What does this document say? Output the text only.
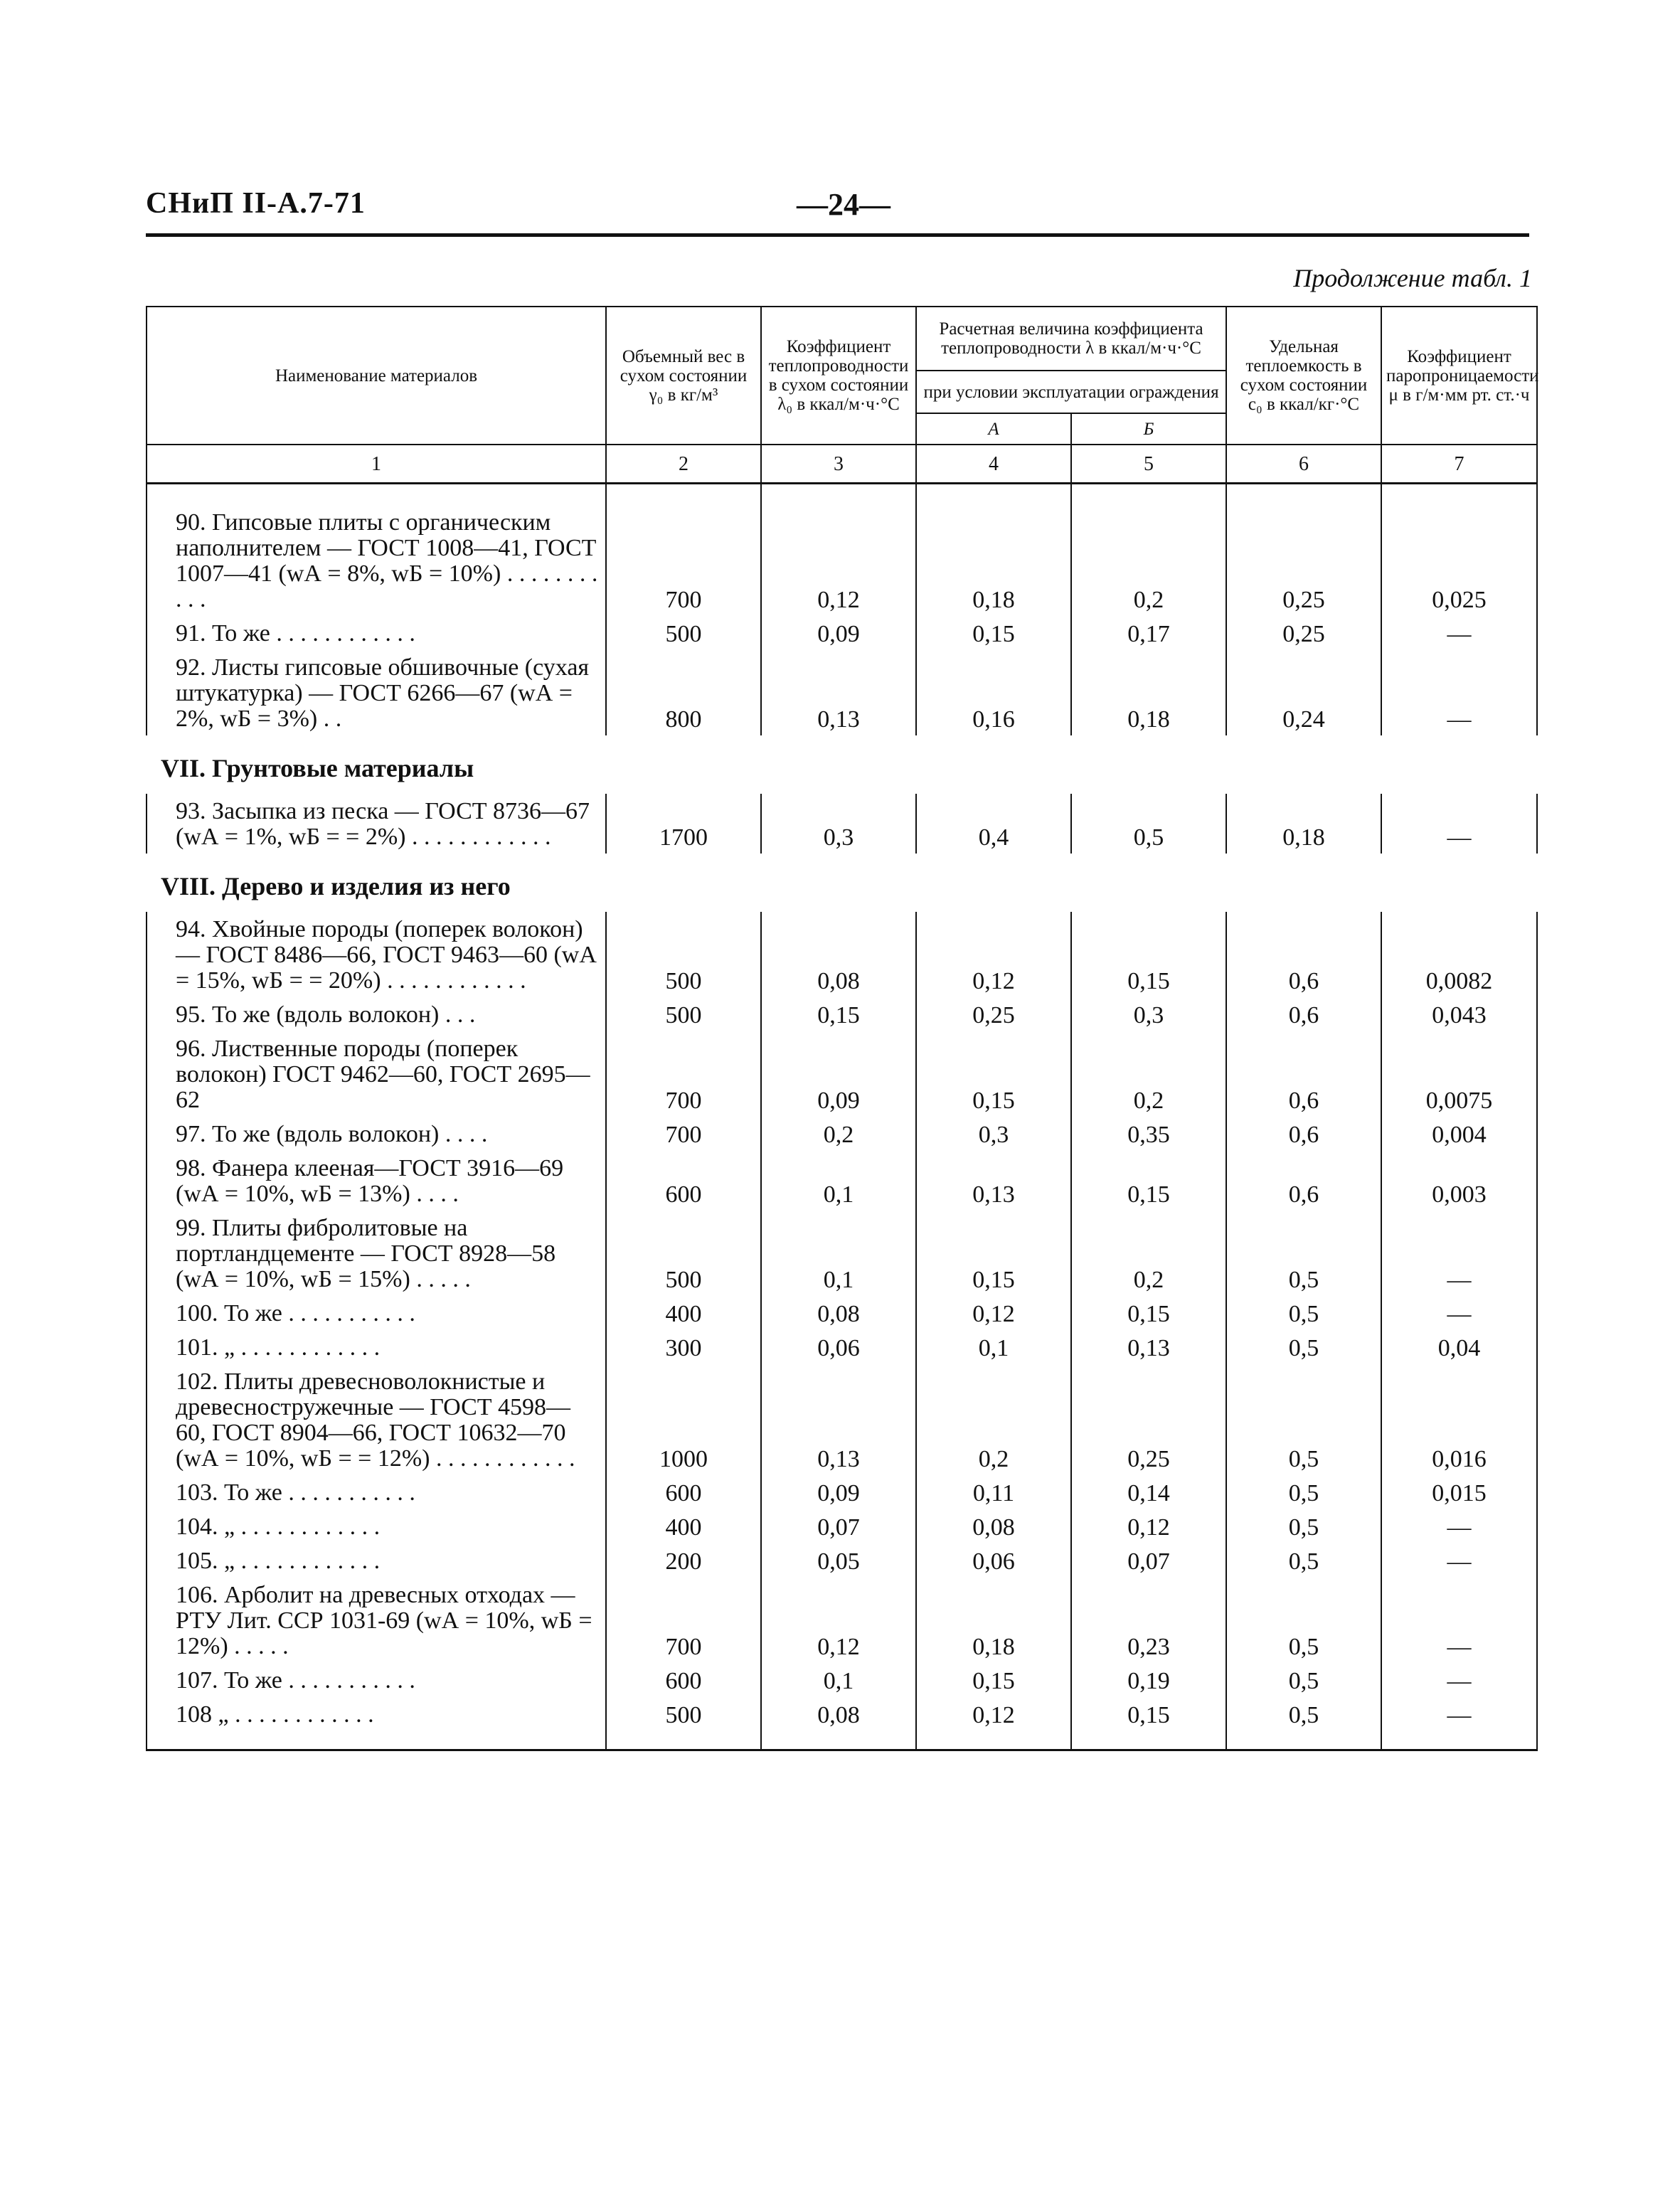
СНиП II-А.7-71	—24—
Продолжение табл. 1
Наименование материалов	Объемный вес в сухом состоянии γ₀ в кг/м³	Коэффициент теплопроводности в сухом состоянии λ₀ в ккал/м·ч·°С	Расчетная величина коэффициента теплопроводности λ в ккал/м·ч·°С		Удельная теплоемкость в сухом состоянии с₀ в ккал/кг·°С	Коэффициент паропроницаемости μ в г/м·мм рт. ст.·ч
			при условии эксплуатации ограждения			
			А	Б		
1	2	3	4	5	6	7
90. Гипсовые плиты с органическим наполнителем — ГОСТ 1008—41, ГОСТ 1007—41 (wА = 8%, wБ = 10%) . . . . . . . . . . .	700	0,12	0,18	0,2	0,25	0,025
91. То же . . . . . . . . . . . .	500	0,09	0,15	0,17	0,25	—
92. Листы гипсовые обшивочные (сухая штукатурка) — ГОСТ 6266—67 (wА = 2%, wБ = 3%) . .	800	0,13	0,16	0,18	0,24	—
VII. Грунтовые материалы						
93. Засыпка из песка — ГОСТ 8736—67 (wА = 1%, wБ = = 2%) . . . . . . . . . . . .	1700	0,3	0,4	0,5	0,18	—
VIII. Дерево и изделия из него						
94. Хвойные породы (поперек волокон) — ГОСТ 8486—66, ГОСТ 9463—60 (wА = 15%, wБ = = 20%) . . . . . . . . . . . .	500	0,08	0,12	0,15	0,6	0,0082
95. То же (вдоль волокон) . . .	500	0,15	0,25	0,3	0,6	0,043
96. Лиственные породы (поперек волокон) ГОСТ 9462—60, ГОСТ 2695—62	700	0,09	0,15	0,2	0,6	0,0075
97. То же (вдоль волокон) . . . .	700	0,2	0,3	0,35	0,6	0,004
98. Фанера клееная—ГОСТ 3916—69 (wА = 10%, wБ = 13%) . . . .	600	0,1	0,13	0,15	0,6	0,003
99. Плиты фибролитовые на портландцементе — ГОСТ 8928—58 (wА = 10%, wБ = 15%) . . . . .	500	0,1	0,15	0,2	0,5	—
100. То же . . . . . . . . . . .	400	0,08	0,12	0,15	0,5	—
101. „ . . . . . . . . . . . .	300	0,06	0,1	0,13	0,5	0,04
102. Плиты древесноволокнистые и древесностружечные — ГОСТ 4598—60, ГОСТ 8904—66, ГОСТ 10632—70 (wА = 10%, wБ = = 12%) . . . . . . . . . . . .	1000	0,13	0,2	0,25	0,5	0,016
103. То же . . . . . . . . . . .	600	0,09	0,11	0,14	0,5	0,015
104. „ . . . . . . . . . . . .	400	0,07	0,08	0,12	0,5	—
105. „ . . . . . . . . . . . .	200	0,05	0,06	0,07	0,5	—
106. Арболит на древесных отходах — РТУ Лит. ССР 1031-69 (wА = 10%, wБ = 12%) . . . . .	700	0,12	0,18	0,23	0,5	—
107. То же . . . . . . . . . . .	600	0,1	0,15	0,19	0,5	—
108 „ . . . . . . . . . . . .	500	0,08	0,12	0,15	0,5	—
